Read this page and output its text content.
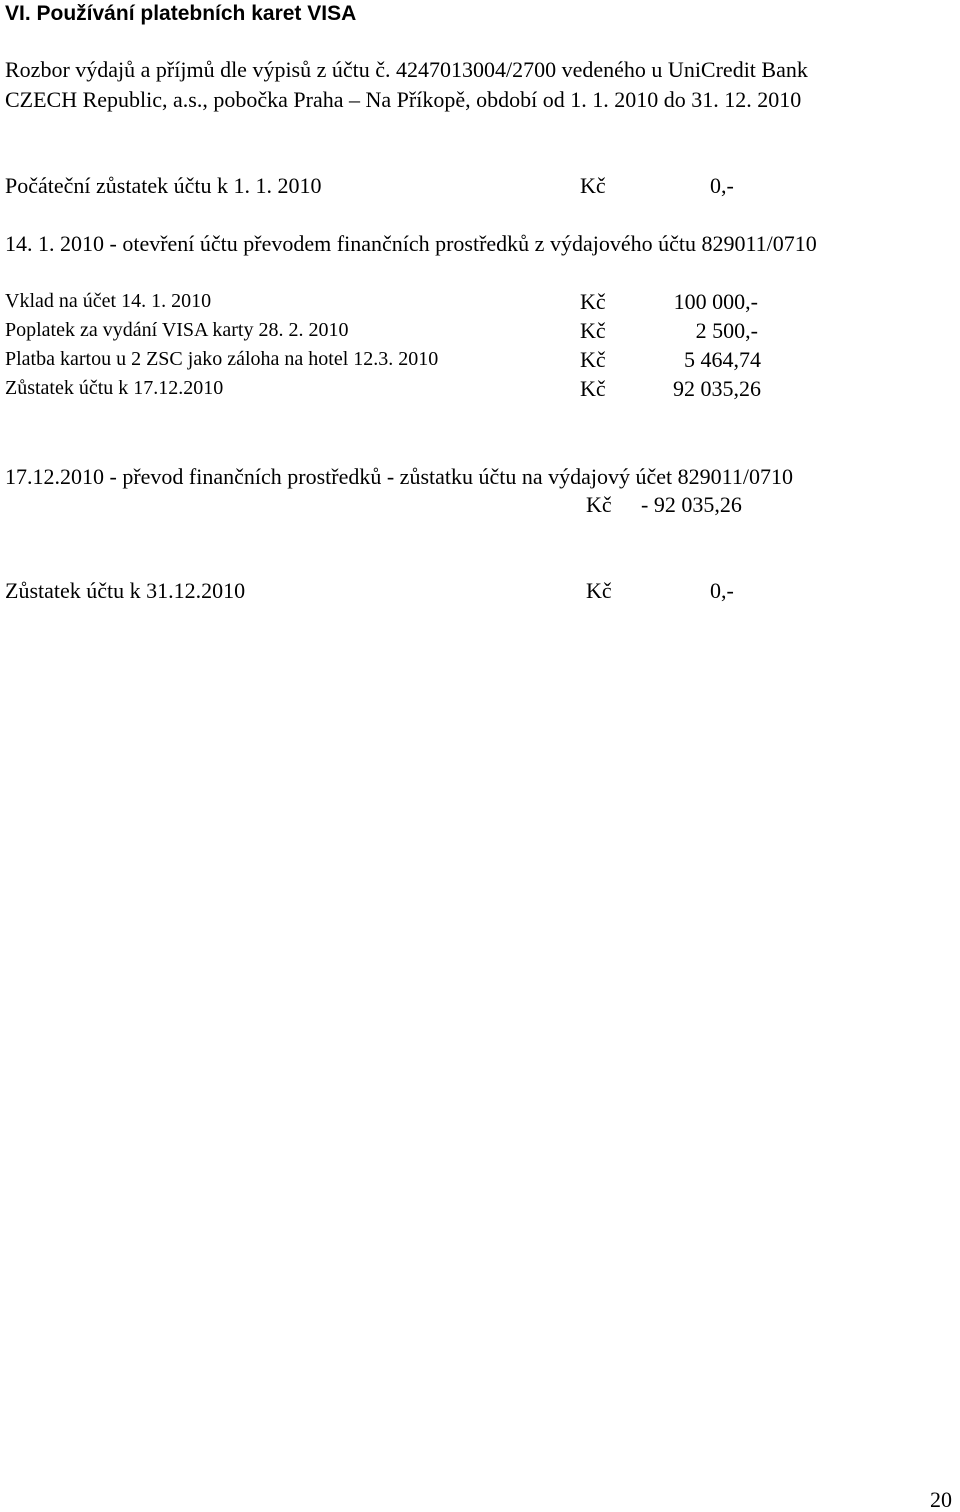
VI. Používání platebních karet VISA
Rozbor výdajů a příjmů dle výpisů z účtu č. 4247013004/2700 vedeného u UniCredit Bank
CZECH Republic, a.s., pobočka Praha – Na Příkopě, období od 1. 1. 2010 do 31. 12. 2010
Počáteční zůstatek účtu k 1. 1. 2010	Kč	0,-
14. 1. 2010 - otevření účtu převodem finančních prostředků z výdajového účtu 829011/0710
Vklad na účet 14. 1. 2010	Kč	100 000,-
Poplatek za vydání VISA karty 28. 2. 2010	Kč	2 500,-
Platba kartou u 2 ZSC jako záloha na hotel 12.3. 2010	Kč	5 464,74
Zůstatek účtu k 17.12.2010	Kč	92 035,26
17.12.2010 - převod finančních prostředků - zůstatku účtu na výdajový účet 829011/0710
Kč - 92 035,26
Zůstatek účtu k 31.12.2010	Kč	0,-
20
